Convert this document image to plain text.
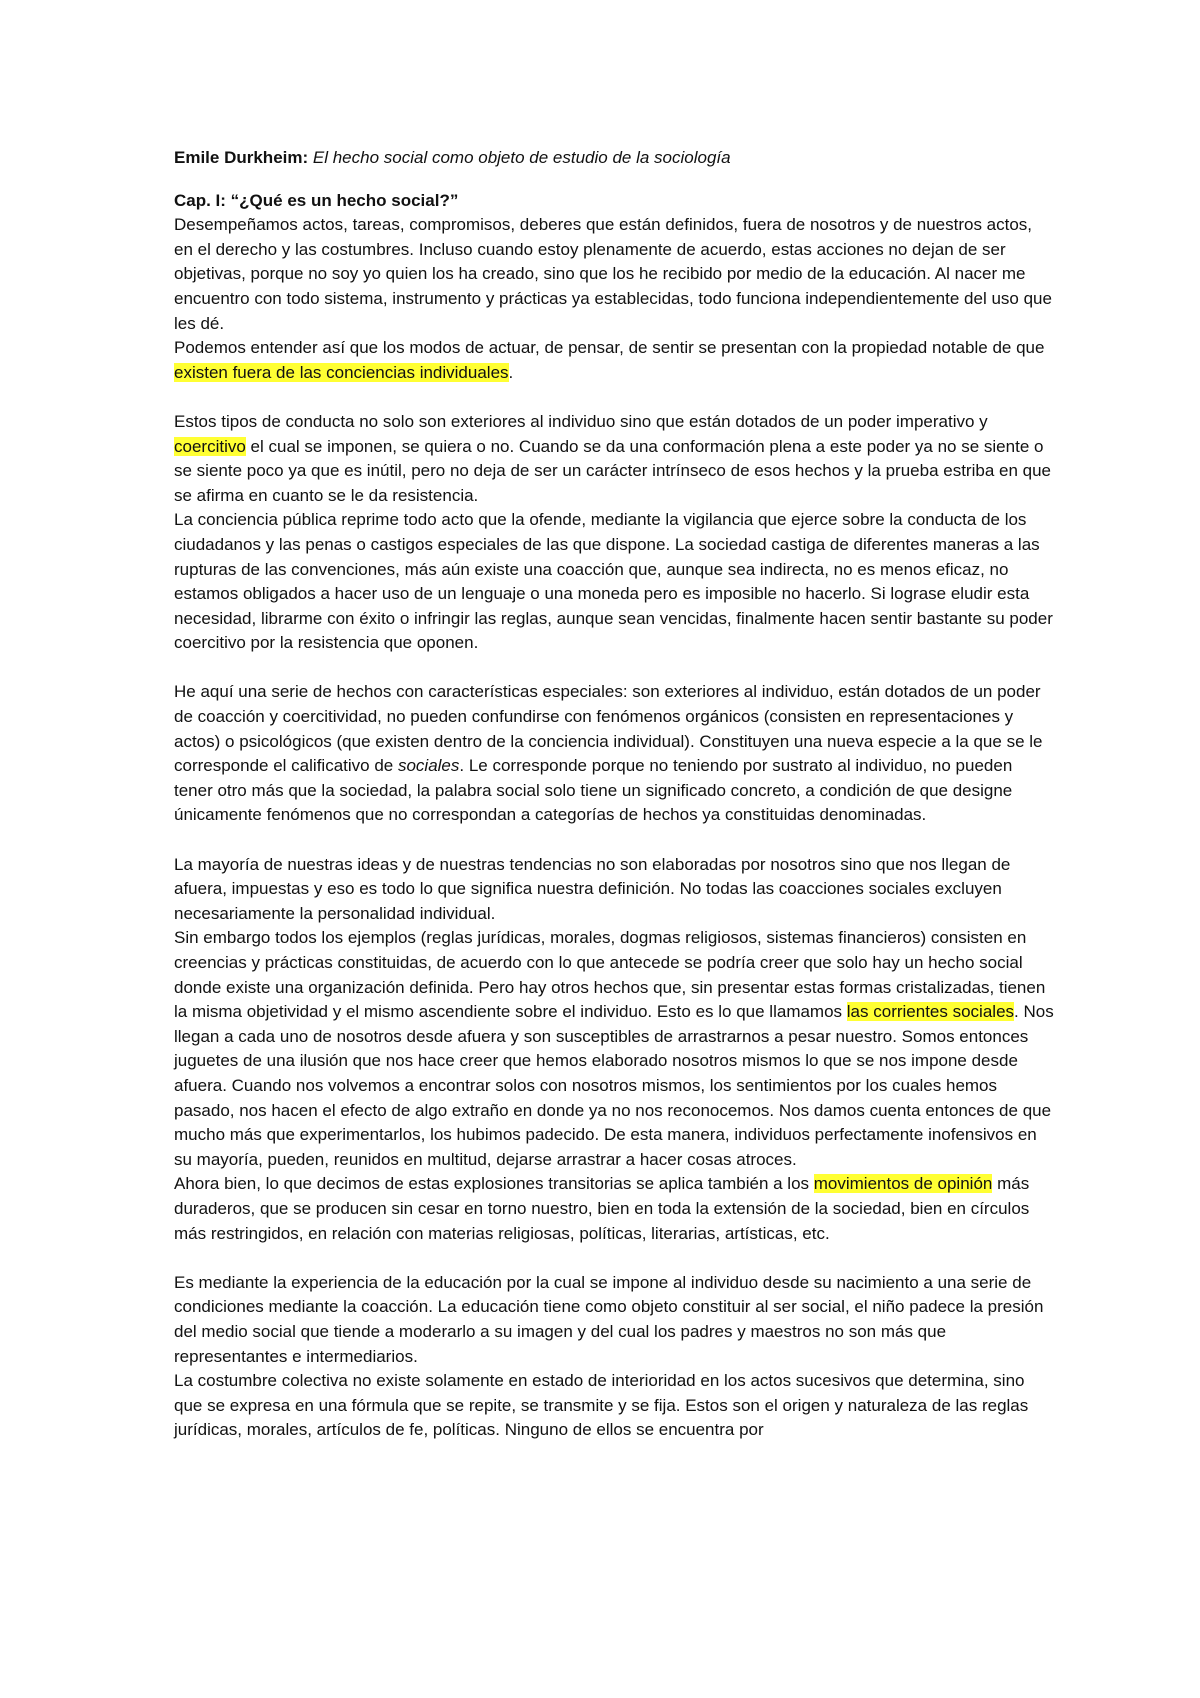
Emile Durkheim: El hecho social como objeto de estudio de la sociología

Cap. I: “¿Qué es un hecho social?”

Desempeñamos actos, tareas, compromisos, deberes que están definidos, fuera de nosotros y de nuestros actos, en el derecho y las costumbres. Incluso cuando estoy plenamente de acuerdo, estas acciones no dejan de ser objetivas, porque no soy yo quien los ha creado, sino que los he recibido por medio de la educación. Al nacer me encuentro con todo sistema, instrumento y prácticas ya establecidas, todo funciona independientemente del uso que les dé.

Podemos entender así que los modos de actuar, de pensar, de sentir se presentan con la propiedad notable de que existen fuera de las conciencias individuales.

Estos tipos de conducta no solo son exteriores al individuo sino que están dotados de un poder imperativo y coercitivo el cual se imponen, se quiera o no. Cuando se da una conformación plena a este poder ya no se siente o se siente poco ya que es inútil, pero no deja de ser un carácter intrínseco de esos hechos y la prueba estriba en que se afirma en cuanto se le da resistencia.

La conciencia pública reprime todo acto que la ofende, mediante la vigilancia que ejerce sobre la conducta de los ciudadanos y las penas o castigos especiales de las que dispone. La sociedad castiga de diferentes maneras a las rupturas de las convenciones, más aún existe una coacción que, aunque sea indirecta, no es menos eficaz, no estamos obligados a hacer uso de un lenguaje o una moneda pero es imposible no hacerlo. Si lograse eludir esta necesidad, librarme con éxito o infringir las reglas, aunque sean vencidas, finalmente hacen sentir bastante su poder coercitivo por la resistencia que oponen.

He aquí una serie de hechos con características especiales: son exteriores al individuo, están dotados de un poder de coacción y coercitividad, no pueden confundirse con fenómenos orgánicos (consisten en representaciones y actos) o psicológicos (que existen dentro de la conciencia individual). Constituyen una nueva especie a la que se le corresponde el calificativo de sociales. Le corresponde porque no teniendo por sustrato al individuo, no pueden tener otro más que la sociedad, la palabra social solo tiene un significado concreto, a condición de que designe únicamente fenómenos que no correspondan a categorías de hechos ya constituidas denominadas.

La mayoría de nuestras ideas y de nuestras tendencias no son elaboradas por nosotros sino que nos llegan de afuera, impuestas y eso es todo lo que significa nuestra definición. No todas las coacciones sociales excluyen necesariamente la personalidad individual.

Sin embargo todos los ejemplos (reglas jurídicas, morales, dogmas religiosos, sistemas financieros) consisten en creencias y prácticas constituidas, de acuerdo con lo que antecede se podría creer que solo hay un hecho social donde existe una organización definida. Pero hay otros hechos que, sin presentar estas formas cristalizadas, tienen la misma objetividad y el mismo ascendiente sobre el individuo. Esto es lo que llamamos las corrientes sociales. Nos llegan a cada uno de nosotros desde afuera y son susceptibles de arrastrarnos a pesar nuestro. Somos entonces juguetes de una ilusión que nos hace creer que hemos elaborado nosotros mismos lo que se nos impone desde afuera. Cuando nos volvemos a encontrar solos con nosotros mismos, los sentimientos por los cuales hemos pasado, nos hacen el efecto de algo extraño en donde ya no nos reconocemos. Nos damos cuenta entonces de que mucho más que experimentarlos, los hubimos padecido. De esta manera, individuos perfectamente inofensivos en su mayoría, pueden, reunidos en multitud, dejarse arrastrar a hacer cosas atroces.

Ahora bien, lo que decimos de estas explosiones transitorias se aplica también a los movimientos de opinión más duraderos, que se producen sin cesar en torno nuestro, bien en toda la extensión de la sociedad, bien en círculos más restringidos, en relación con materias religiosas, políticas, literarias, artísticas, etc.

Es mediante la experiencia de la educación por la cual se impone al individuo desde su nacimiento a una serie de condiciones mediante la coacción. La educación tiene como objeto constituir al ser social, el niño padece la presión del medio social que tiende a moderarlo a su imagen y del cual los padres y maestros no son más que representantes e intermediarios.

La costumbre colectiva no existe solamente en estado de interioridad en los actos sucesivos que determina, sino que se expresa en una fórmula que se repite, se transmite y se fija. Estos son el origen y naturaleza de las reglas jurídicas, morales, artículos de fe, políticas. Ninguno de ellos se encuentra por
